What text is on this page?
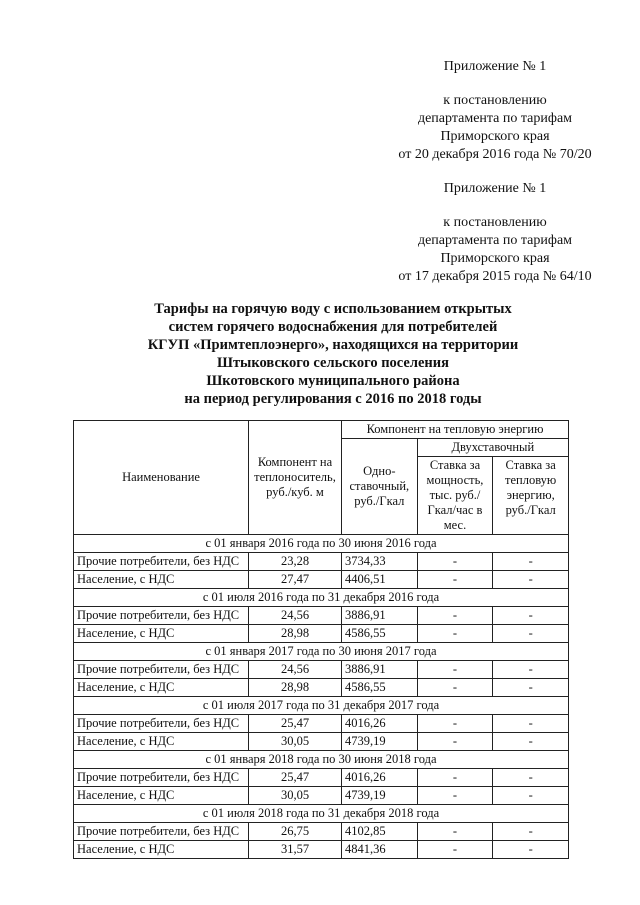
Приложение № 1
к постановлению
департамента по тарифам
Приморского края
от 20 декабря 2016 года № 70/20
Приложение № 1
к постановлению
департамента по тарифам
Приморского края
от 17 декабря 2015 года № 64/10
Тарифы на горячую воду с использованием открытых
систем горячего водоснабжения для потребителей
КГУП «Примтеплоэнерго», находящихся на территории
Штыковского сельского поселения
Шкотовского муниципального района
на период регулирования с 2016 по 2018 годы
Наименование	Компонент на теплоноситель, руб./куб. м	Компонент на тепловую энергию		
		Одно-ставочный, руб./Гкал	Двухставочный	
			Ставка за мощность, тыс. руб./Гкал/час в мес.	Ставка за тепловую энергию, руб./Гкал
с 01 января 2016 года по 30 июня 2016 года				
Прочие потребители, без НДС	23,28	3734,33	-	-
Население, с НДС	27,47	4406,51	-	-
с 01 июля 2016 года по 31 декабря 2016 года				
Прочие потребители, без НДС	24,56	3886,91	-	-
Население, с НДС	28,98	4586,55	-	-
с 01 января 2017 года по 30 июня 2017 года				
Прочие потребители, без НДС	24,56	3886,91	-	-
Население, с НДС	28,98	4586,55	-	-
с 01 июля 2017 года по 31 декабря 2017 года				
Прочие потребители, без НДС	25,47	4016,26	-	-
Население, с НДС	30,05	4739,19	-	-
с 01 января 2018 года по 30 июня 2018 года				
Прочие потребители, без НДС	25,47	4016,26	-	-
Население, с НДС	30,05	4739,19	-	-
с 01 июля 2018 года по 31 декабря 2018 года				
Прочие потребители, без НДС	26,75	4102,85	-	-
Население, с НДС	31,57	4841,36	-	-
